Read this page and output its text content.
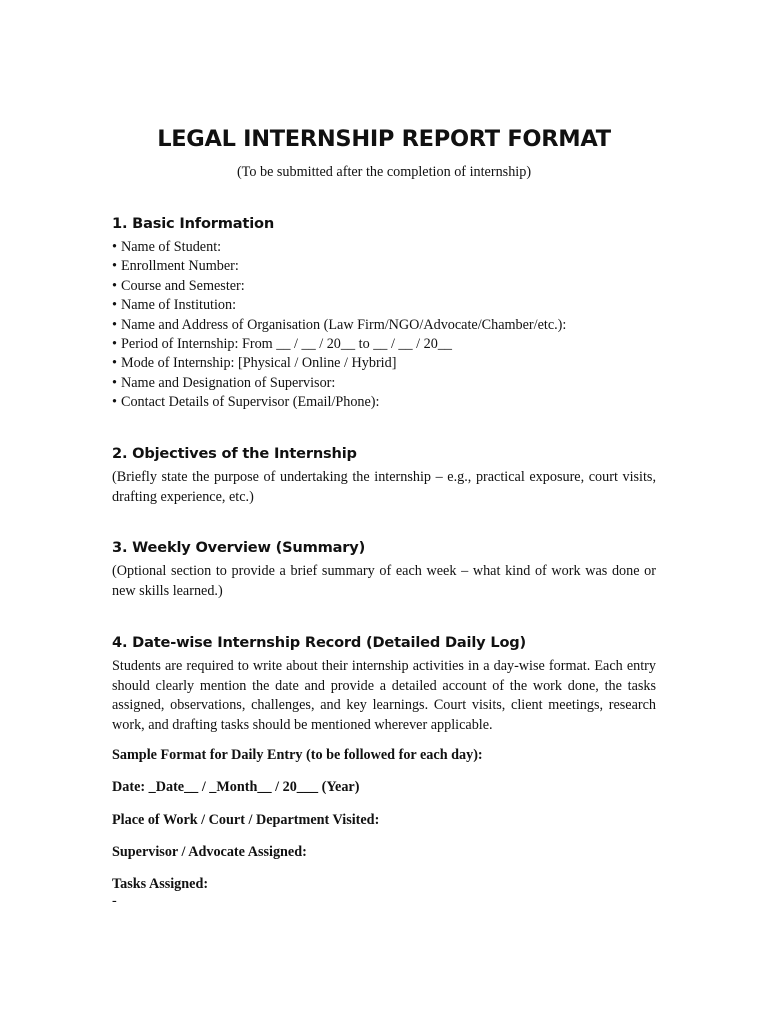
LEGAL INTERNSHIP REPORT FORMAT
(To be submitted after the completion of internship)
1. Basic Information
• Name of Student:
• Enrollment Number:
• Course and Semester:
• Name of Institution:
• Name and Address of Organisation (Law Firm/NGO/Advocate/Chamber/etc.):
• Period of Internship: From __ / __ / 20__ to __ / __ / 20__
• Mode of Internship: [Physical / Online / Hybrid]
• Name and Designation of Supervisor:
• Contact Details of Supervisor (Email/Phone):
2. Objectives of the Internship
(Briefly state the purpose of undertaking the internship – e.g., practical exposure, court visits, drafting experience, etc.)
3. Weekly Overview (Summary)
(Optional section to provide a brief summary of each week – what kind of work was done or new skills learned.)
4. Date-wise Internship Record (Detailed Daily Log)
Students are required to write about their internship activities in a day-wise format. Each entry should clearly mention the date and provide a detailed account of the work done, the tasks assigned, observations, challenges, and key learnings. Court visits, client meetings, research work, and drafting tasks should be mentioned wherever applicable.
Sample Format for Daily Entry (to be followed for each day):
Date: _Date__ / _Month__ / 20___ (Year)
Place of Work / Court / Department Visited:
Supervisor / Advocate Assigned:
Tasks Assigned:
-
